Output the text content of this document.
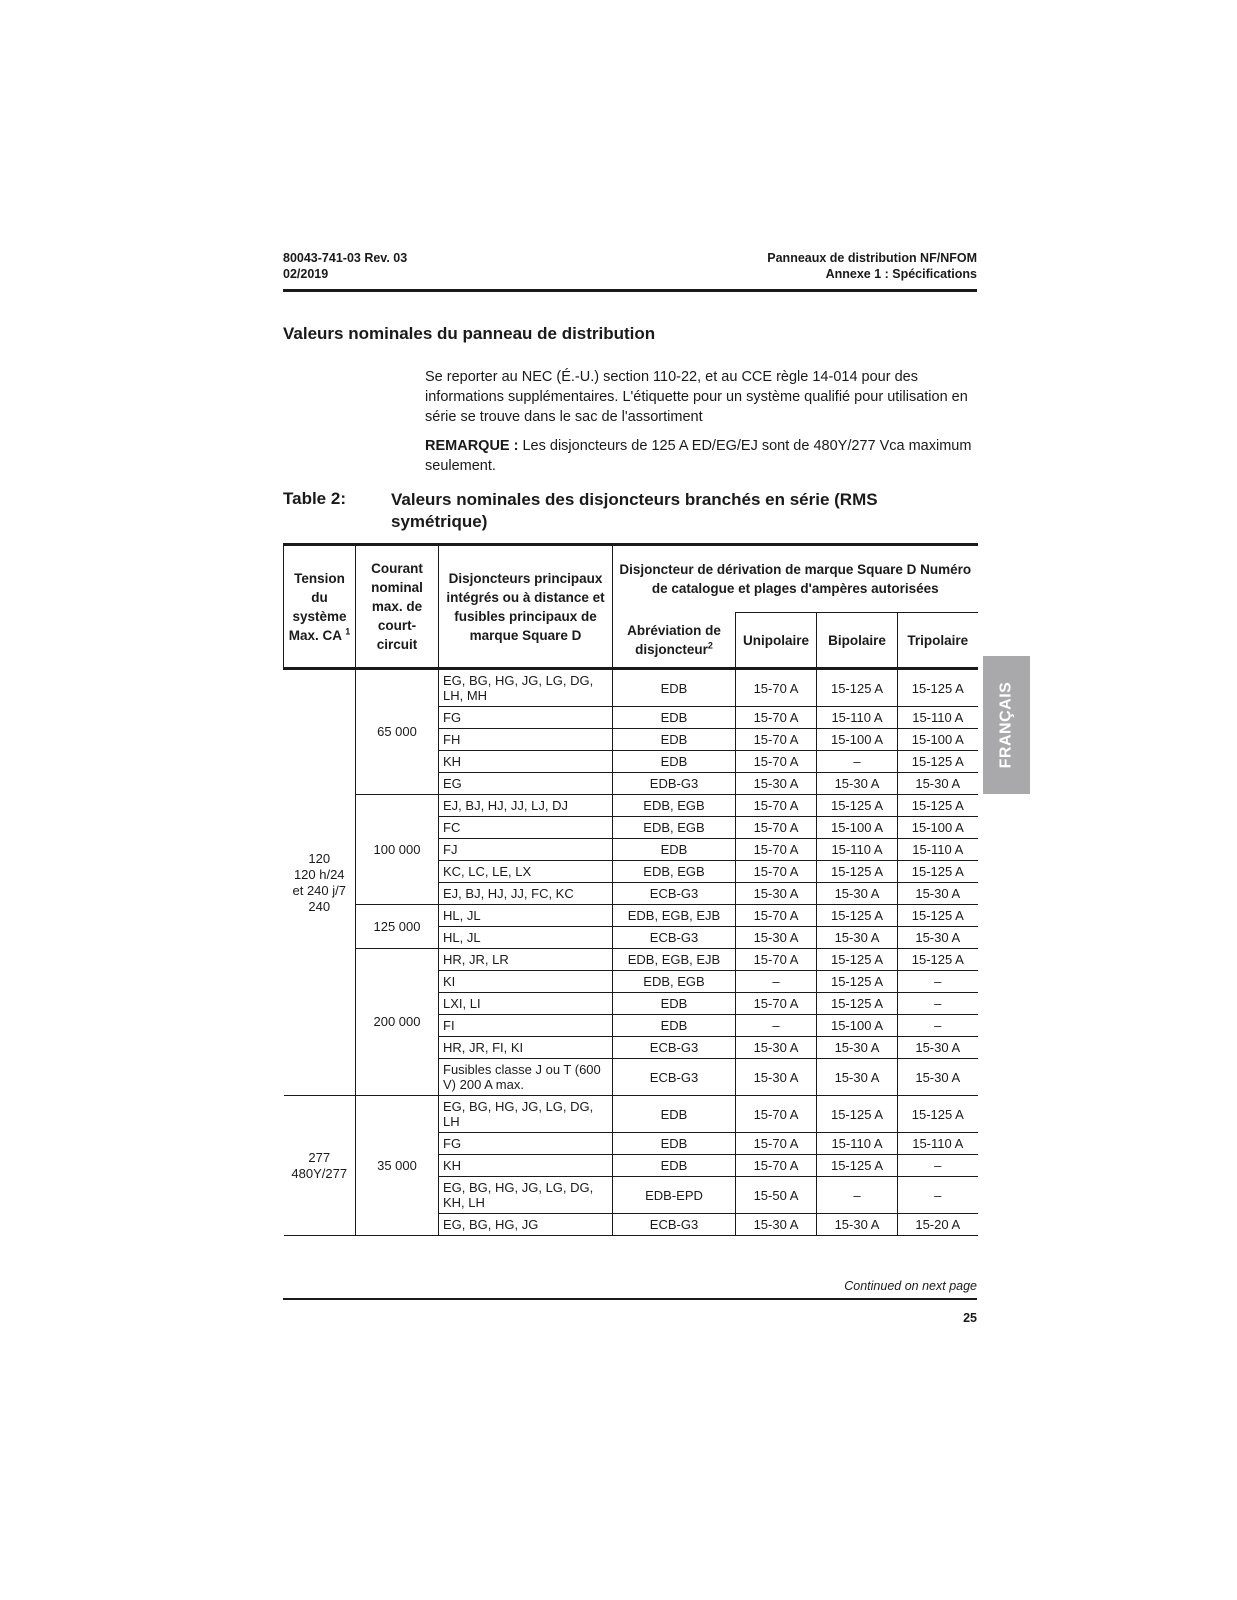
80043-741-03 Rev. 03
02/2019
Panneaux de distribution NF/NFOM
Annexe 1 : Spécifications
Valeurs nominales du panneau de distribution

Se reporter au NEC (É.-U.) section 110-22, et au CCE règle 14-014 pour des informations supplémentaires. L'étiquette pour un système qualifié pour utilisation en série se trouve dans le sac de l'assortiment

REMARQUE : Les disjoncteurs de 125 A ED/EG/EJ sont de 480Y/277 Vca maximum seulement.

Table 2:	Valeurs nominales des disjoncteurs branchés en série (RMS symétrique)
Tension du système Max. CA $^1$	Courant nominal max. de court-circuit	Disjoncteurs principaux intégrés ou à distance et fusibles principaux de marque Square D	Disjoncteur de dérivation de marque Square D Numéro de catalogue et plages d'ampères autorisées			
			Abréviation de disjoncteur$^2$	Unipolaire	Bipolaire	Tripolaire
120
120 h/24
et 240 j/7
240	65 000	EG, BG, HG, JG, LG, DG, LH, MH	EDB	15-70 A	15-125 A	15-125 A
		FG	EDB	15-70 A	15-110 A	15-110 A
		FH	EDB	15-70 A	15-100 A	15-100 A
		KH	EDB	15-70 A	–	15-125 A
		EG	EDB-G3	15-30 A	15-30 A	15-30 A
	100 000	EJ, BJ, HJ, JJ, LJ, DJ	EDB, EGB	15-70 A	15-125 A	15-125 A
		FC	EDB, EGB	15-70 A	15-100 A	15-100 A
		FJ	EDB	15-70 A	15-110 A	15-110 A
		KC, LC, LE, LX	EDB, EGB	15-70 A	15-125 A	15-125 A
		EJ, BJ, HJ, JJ, FC, KC	ECB-G3	15-30 A	15-30 A	15-30 A
	125 000	HL, JL	EDB, EGB, EJB	15-70 A	15-125 A	15-125 A
		HL, JL	ECB-G3	15-30 A	15-30 A	15-30 A
	200 000	HR, JR, LR	EDB, EGB, EJB	15-70 A	15-125 A	15-125 A
		KI	EDB, EGB	–	15-125 A	–
		LXI, LI	EDB	15-70 A	15-125 A	–
		FI	EDB	–	15-100 A	–
		HR, JR, FI, KI	ECB-G3	15-30 A	15-30 A	15-30 A
		Fusibles classe J ou T (600 V) 200 A max.	ECB-G3	15-30 A	15-30 A	15-30 A
277
480Y/277	35 000	EG, BG, HG, JG, LG, DG, LH	EDB	15-70 A	15-125 A	15-125 A
		FG	EDB	15-70 A	15-110 A	15-110 A
		KH	EDB	15-70 A	15-125 A	–
		EG, BG, HG, JG, LG, DG, KH, LH	EDB-EPD	15-50 A	–	–
		EG, BG, HG, JG	ECB-G3	15-30 A	15-30 A	15-20 A
Continued on next page
25
FRANÇAIS
